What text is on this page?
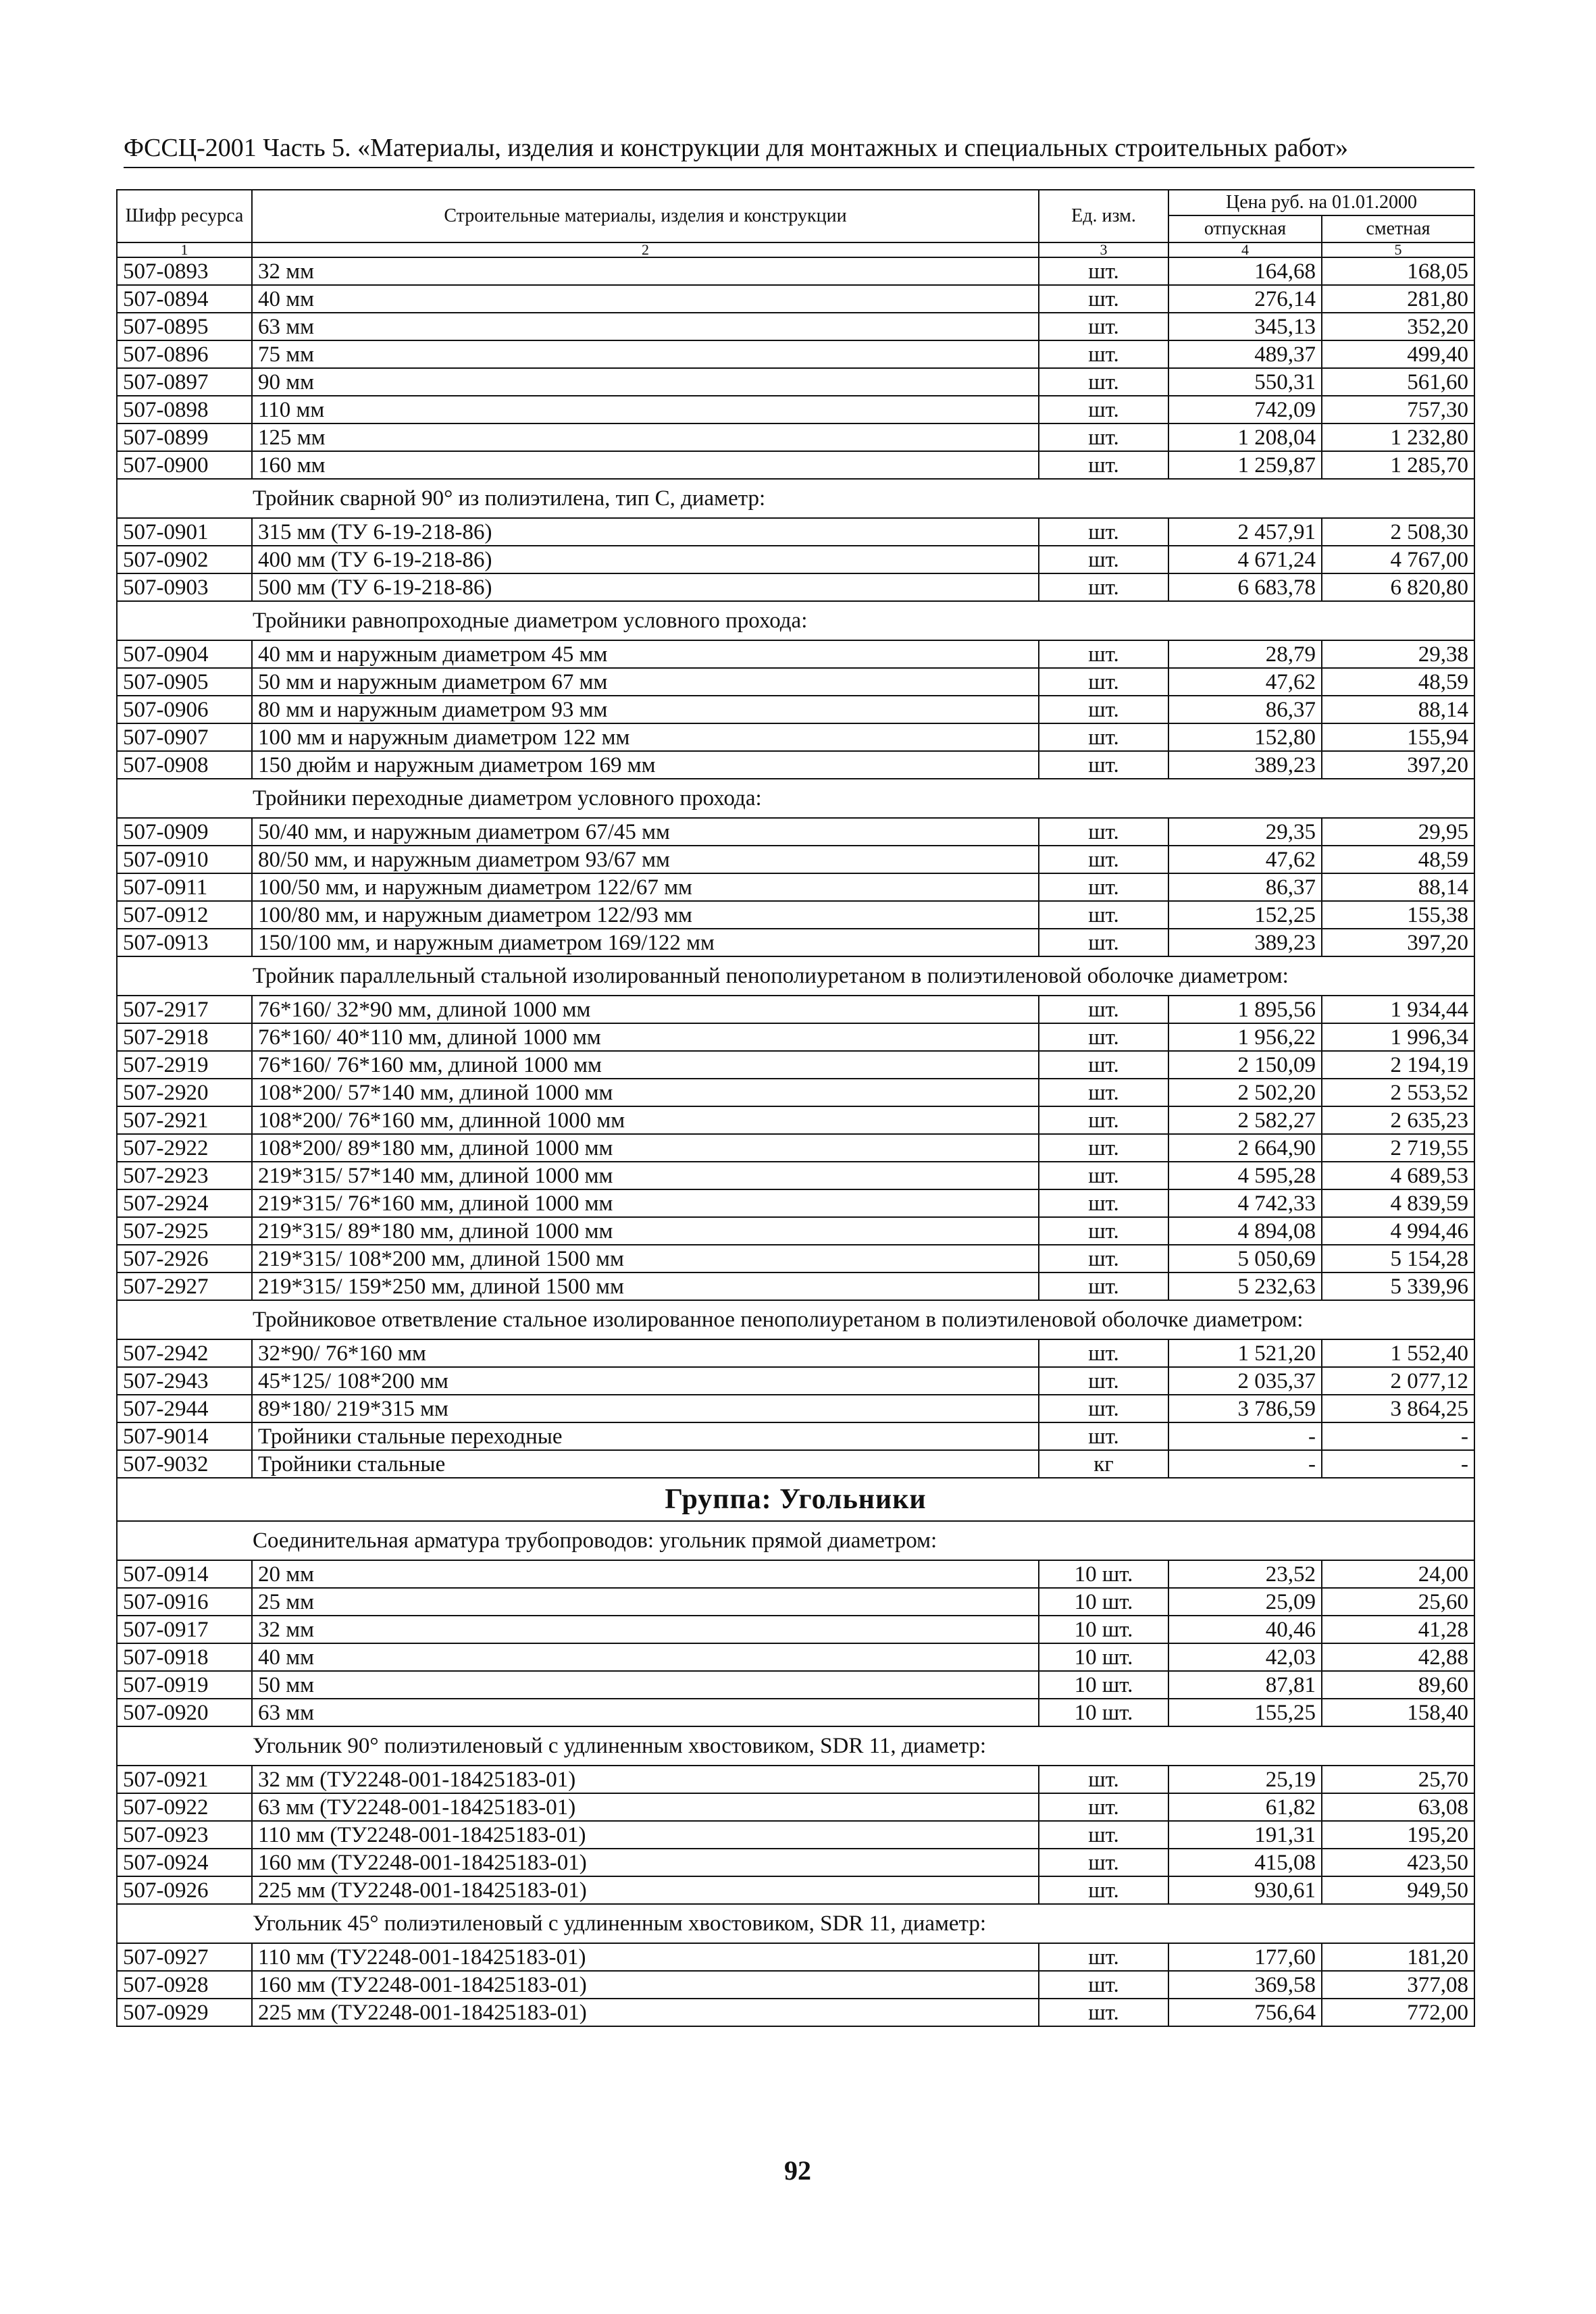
ФССЦ-2001 Часть 5. «Материалы, изделия и конструкции для монтажных и специальных строительных работ»
Шифр ресурса	Строительные материалы, изделия и конструкции	Ед. изм.	Цена руб. на 01.01.2000	
			отпускная	сметная
1	2	3	4	5
507-0893	32 мм	шт.	164,68	168,05
507-0894	40 мм	шт.	276,14	281,80
507-0895	63 мм	шт.	345,13	352,20
507-0896	75 мм	шт.	489,37	499,40
507-0897	90 мм	шт.	550,31	561,60
507-0898	110 мм	шт.	742,09	757,30
507-0899	125 мм	шт.	1 208,04	1 232,80
507-0900	160 мм	шт.	1 259,87	1 285,70
Тройник сварной 90° из полиэтилена, тип С, диаметр:				
507-0901	315 мм (ТУ 6-19-218-86)	шт.	2 457,91	2 508,30
507-0902	400 мм (ТУ 6-19-218-86)	шт.	4 671,24	4 767,00
507-0903	500 мм (ТУ 6-19-218-86)	шт.	6 683,78	6 820,80
Тройники равнопроходные диаметром условного прохода:				
507-0904	40 мм и наружным диаметром 45 мм	шт.	28,79	29,38
507-0905	50 мм и наружным диаметром 67 мм	шт.	47,62	48,59
507-0906	80 мм и наружным диаметром 93 мм	шт.	86,37	88,14
507-0907	100 мм и наружным диаметром 122 мм	шт.	152,80	155,94
507-0908	150 дюйм и наружным диаметром 169 мм	шт.	389,23	397,20
Тройники переходные диаметром условного прохода:				
507-0909	50/40 мм, и наружным диаметром 67/45 мм	шт.	29,35	29,95
507-0910	80/50 мм, и наружным диаметром 93/67 мм	шт.	47,62	48,59
507-0911	100/50 мм, и наружным диаметром 122/67 мм	шт.	86,37	88,14
507-0912	100/80 мм, и наружным диаметром 122/93 мм	шт.	152,25	155,38
507-0913	150/100 мм, и наружным диаметром 169/122 мм	шт.	389,23	397,20
Тройник параллельный стальной изолированный пенополиуретаном в полиэтиленовой оболочке диаметром:				
507-2917	76*160/ 32*90 мм, длиной 1000 мм	шт.	1 895,56	1 934,44
507-2918	76*160/ 40*110 мм, длиной 1000 мм	шт.	1 956,22	1 996,34
507-2919	76*160/ 76*160 мм, длиной 1000 мм	шт.	2 150,09	2 194,19
507-2920	108*200/ 57*140 мм, длиной 1000 мм	шт.	2 502,20	2 553,52
507-2921	108*200/ 76*160 мм, длинной 1000 мм	шт.	2 582,27	2 635,23
507-2922	108*200/ 89*180 мм, длиной 1000 мм	шт.	2 664,90	2 719,55
507-2923	219*315/ 57*140 мм, длиной 1000 мм	шт.	4 595,28	4 689,53
507-2924	219*315/ 76*160 мм, длиной 1000 мм	шт.	4 742,33	4 839,59
507-2925	219*315/ 89*180 мм, длиной 1000 мм	шт.	4 894,08	4 994,46
507-2926	219*315/ 108*200 мм, длиной 1500 мм	шт.	5 050,69	5 154,28
507-2927	219*315/ 159*250 мм, длиной 1500 мм	шт.	5 232,63	5 339,96
Тройниковое ответвление стальное изолированное пенополиуретаном в полиэтиленовой оболочке диаметром:				
507-2942	32*90/ 76*160 мм	шт.	1 521,20	1 552,40
507-2943	45*125/ 108*200 мм	шт.	2 035,37	2 077,12
507-2944	89*180/ 219*315 мм	шт.	3 786,59	3 864,25
507-9014	Тройники стальные переходные	шт.	-	-
507-9032	Тройники стальные	кг	-	-
Группа: Угольники				
Соединительная арматура трубопроводов: угольник прямой диаметром:				
507-0914	20 мм	10 шт.	23,52	24,00
507-0916	25 мм	10 шт.	25,09	25,60
507-0917	32 мм	10 шт.	40,46	41,28
507-0918	40 мм	10 шт.	42,03	42,88
507-0919	50 мм	10 шт.	87,81	89,60
507-0920	63 мм	10 шт.	155,25	158,40
Угольник 90° полиэтиленовый с удлиненным хвостовиком, SDR 11, диаметр:				
507-0921	32 мм (ТУ2248-001-18425183-01)	шт.	25,19	25,70
507-0922	63 мм (ТУ2248-001-18425183-01)	шт.	61,82	63,08
507-0923	110 мм (ТУ2248-001-18425183-01)	шт.	191,31	195,20
507-0924	160 мм (ТУ2248-001-18425183-01)	шт.	415,08	423,50
507-0926	225 мм (ТУ2248-001-18425183-01)	шт.	930,61	949,50
Угольник 45° полиэтиленовый с удлиненным хвостовиком, SDR 11, диаметр:				
507-0927	110 мм (ТУ2248-001-18425183-01)	шт.	177,60	181,20
507-0928	160 мм (ТУ2248-001-18425183-01)	шт.	369,58	377,08
507-0929	225 мм (ТУ2248-001-18425183-01)	шт.	756,64	772,00
92
